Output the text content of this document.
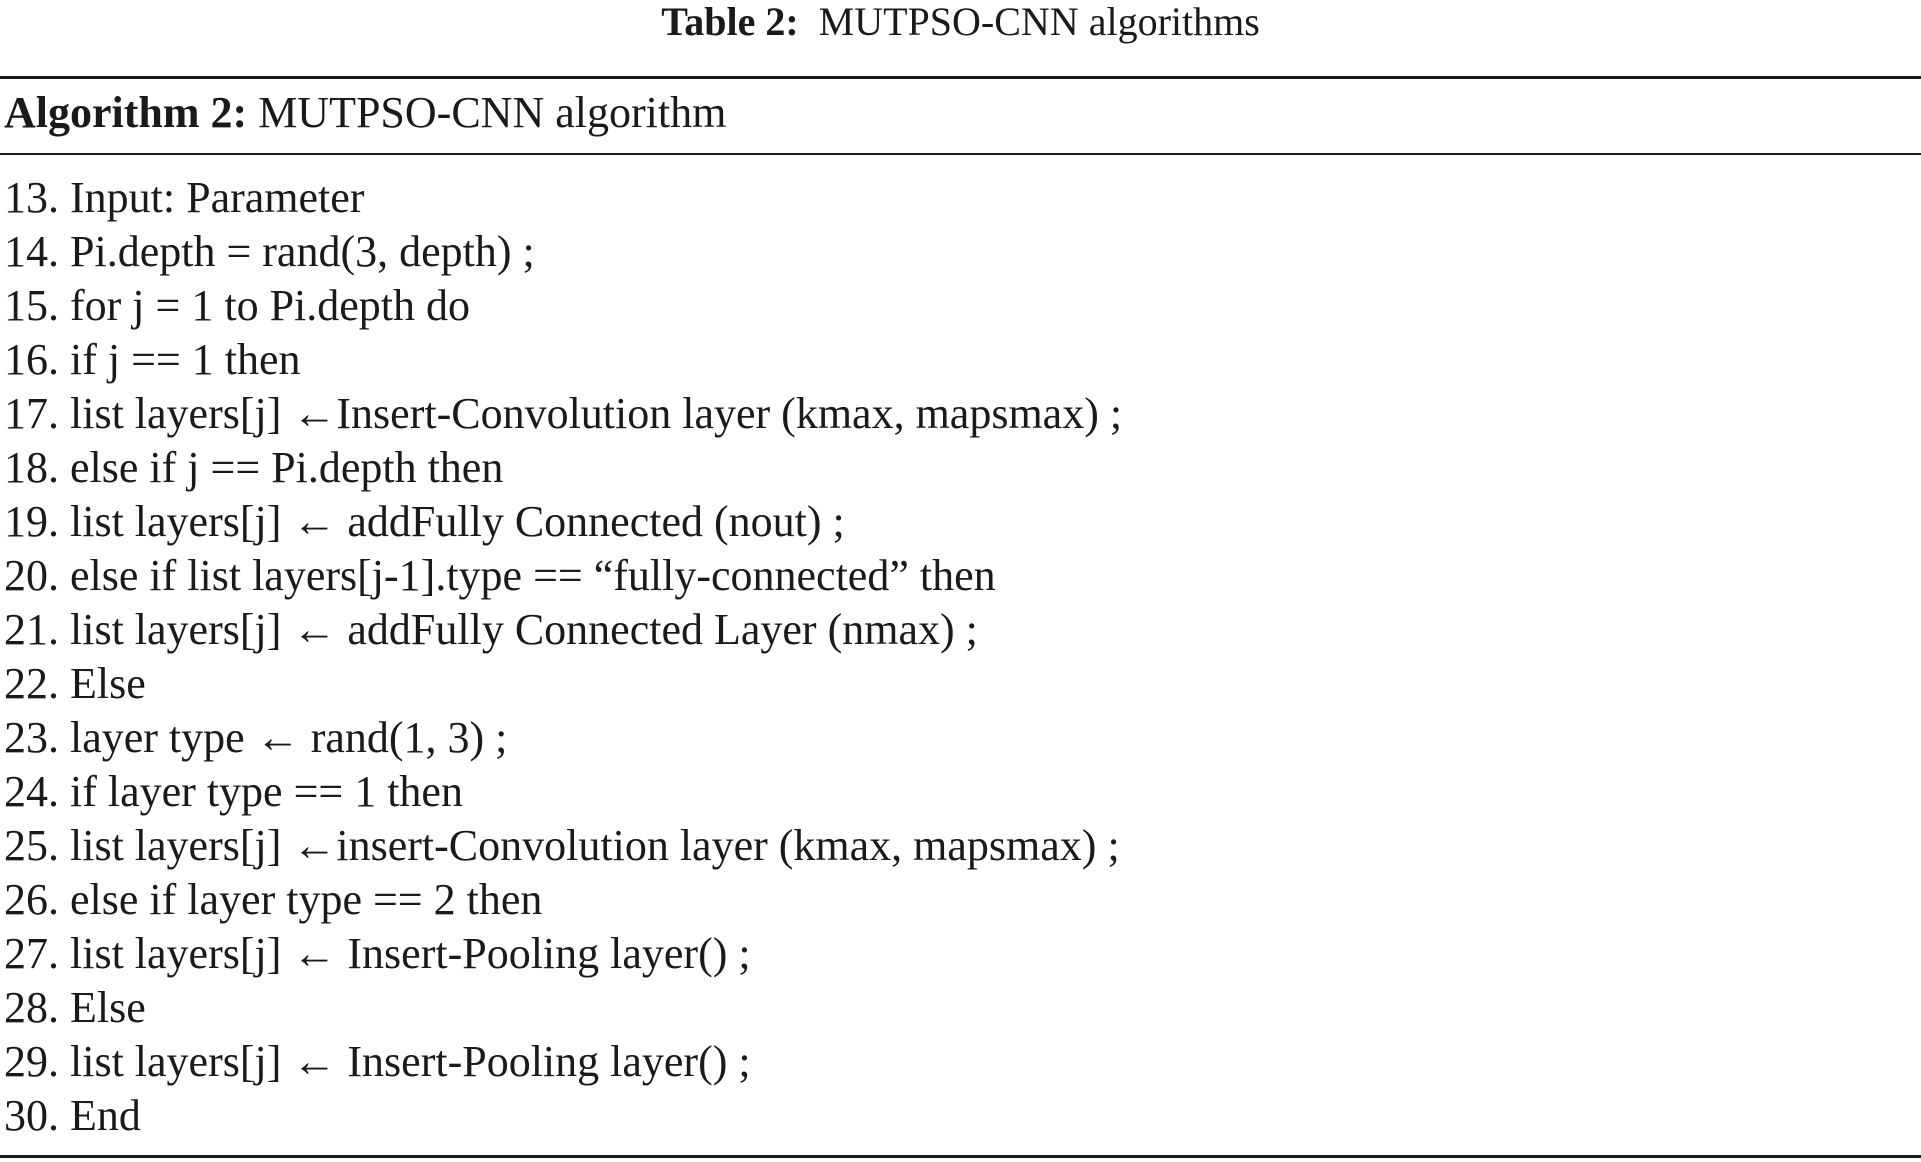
Table 2: MUTPSO-CNN algorithms
Algorithm 2: MUTPSO-CNN algorithm
13. Input: Parameter
14. Pi.depth = rand(3, depth) ;
15. for j = 1 to Pi.depth do
16. if j == 1 then
17. list layers[j] ←Insert-Convolution layer (kmax, mapsmax) ;
18. else if j == Pi.depth then
19. list layers[j] ← addFully Connected (nout) ;
20. else if list layers[j-1].type == “fully-connected” then
21. list layers[j] ← addFully Connected Layer (nmax) ;
22. Else
23. layer type ← rand(1, 3) ;
24. if layer type == 1 then
25. list layers[j] ←insert-Convolution layer (kmax, mapsmax) ;
26. else if layer type == 2 then
27. list layers[j] ← Insert-Pooling layer() ;
28. Else
29. list layers[j] ← Insert-Pooling layer() ;
30. End
